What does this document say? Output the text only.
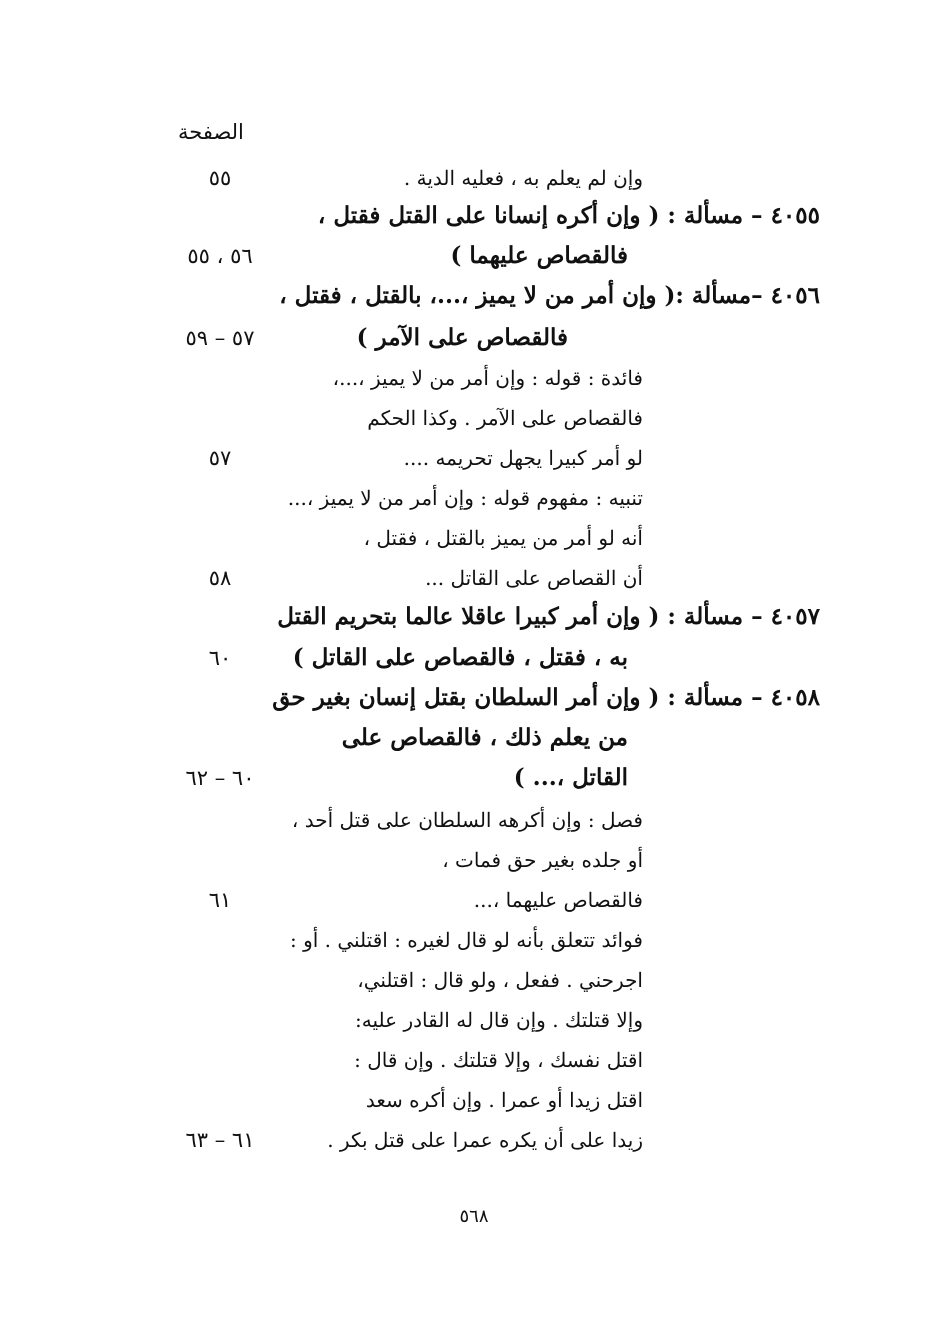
الصفحة
وإن لم يعلم به ، فعليه الدية .
٥٥
٤٠٥٥ – مسألة : ( وإن أكره إنسانا على القتل فقتل ،
فالقصاص عليهما )
٥٦ ، ٥٥
٤٠٥٦ –مسألة :( وإن أمر من لا يميز ،...، بالقتل ، فقتل ،
فالقصاص على الآمر )
٥٧ – ٥٩
فائدة : قوله : وإن أمر من لا يميز ،...،
فالقصاص على الآمر . وكذا الحكم
لو أمر كبيرا يجهل تحريمه ....
٥٧
تنبيه : مفهوم قوله : وإن أمر من لا يميز ،...
أنه لو أمر من يميز بالقتل ، فقتل ،
أن القصاص على القاتل ...
٥٨
٤٠٥٧ – مسألة : ( وإن أمر كبيرا عاقلا عالما بتحريم القتل
به ، فقتل ، فالقصاص على القاتل )
٦٠
٤٠٥٨ – مسألة : ( وإن أمر السلطان بقتل إنسان بغير حق
من يعلم ذلك ، فالقصاص على
القاتل ،... )
٦٠ – ٦٢
فصل : وإن أكرهه السلطان على قتل أحد ،
أو جلده بغير حق فمات ،
فالقصاص عليهما ،...
٦١
فوائد تتعلق بأنه لو قال لغيره : اقتلني . أو :
اجرحني . ففعل ، ولو قال : اقتلني،
وإلا قتلتك . وإن قال له القادر عليه:
اقتل نفسك ، وإلا قتلتك . وإن قال :
اقتل زيدا أو عمرا . وإن أكره سعد
زيدا على أن يكره عمرا على قتل بكر .
٦١ – ٦٣
٥٦٨
